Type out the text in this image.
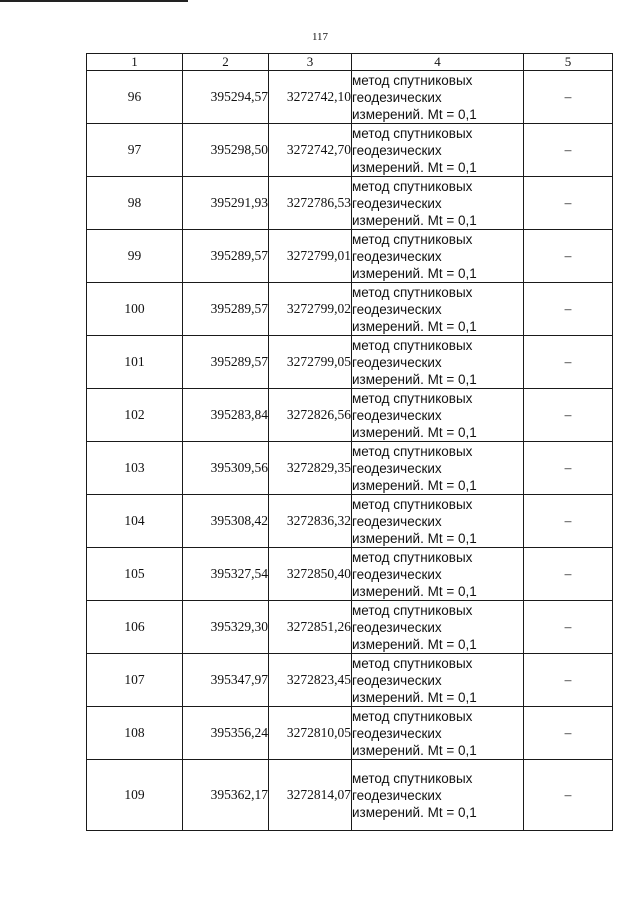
117
1	2	3	4	5
96	395294,57	3272742,10	метод спутниковых
геодезических
измерений. Mt = 0,1	–
97	395298,50	3272742,70	метод спутниковых
геодезических
измерений. Mt = 0,1	–
98	395291,93	3272786,53	метод спутниковых
геодезических
измерений. Mt = 0,1	–
99	395289,57	3272799,01	метод спутниковых
геодезических
измерений. Mt = 0,1	–
100	395289,57	3272799,02	метод спутниковых
геодезических
измерений. Mt = 0,1	–
101	395289,57	3272799,05	метод спутниковых
геодезических
измерений. Mt = 0,1	–
102	395283,84	3272826,56	метод спутниковых
геодезических
измерений. Mt = 0,1	–
103	395309,56	3272829,35	метод спутниковых
геодезических
измерений. Mt = 0,1	–
104	395308,42	3272836,32	метод спутниковых
геодезических
измерений. Mt = 0,1	–
105	395327,54	3272850,40	метод спутниковых
геодезических
измерений. Mt = 0,1	–
106	395329,30	3272851,26	метод спутниковых
геодезических
измерений. Mt = 0,1	–
107	395347,97	3272823,45	метод спутниковых
геодезических
измерений. Mt = 0,1	–
108	395356,24	3272810,05	метод спутниковых
геодезических
измерений. Mt = 0,1	–
109	395362,17	3272814,07	метод спутниковых
геодезических
измерений. Mt = 0,1	–
